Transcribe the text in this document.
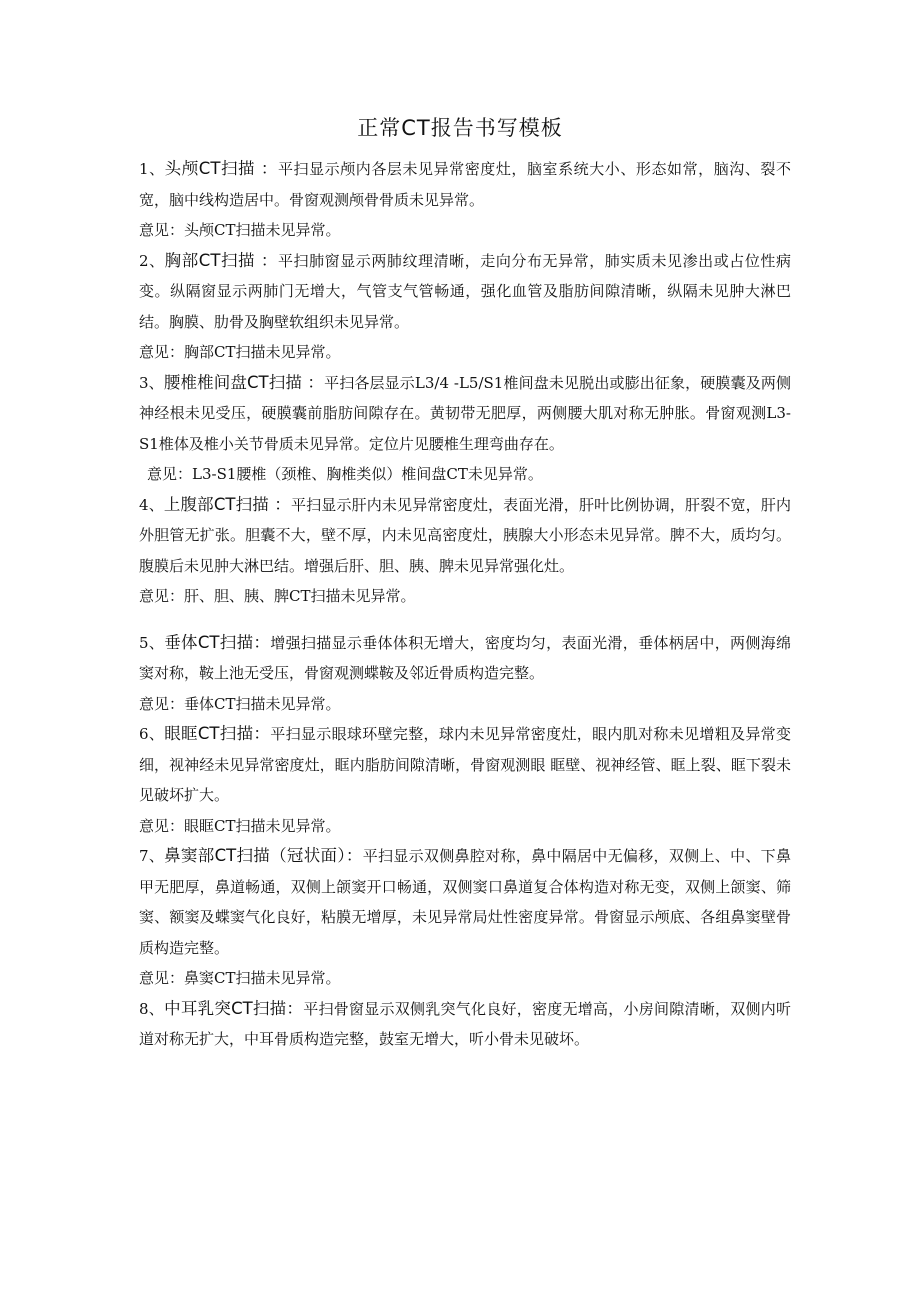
正常CT报告书写模板

1、头颅CT扫描 ：平扫显示颅内各层未见异常密度灶，脑室系统大小、形态如常，脑沟、裂不宽，脑中线构造居中。骨窗观测颅骨骨质未见异常。

意见：头颅CT扫描未见异常。

2、胸部CT扫描 ：平扫肺窗显示两肺纹理清晰，走向分布无异常，肺实质未见渗出或占位性病变。纵隔窗显示两肺门无增大，气管支气管畅通，强化血管及脂肪间隙清晰，纵隔未见肿大淋巴结。胸膜、肋骨及胸壁软组织未见异常。

意见：胸部CT扫描未见异常。

3、腰椎椎间盘CT扫描 ：平扫各层显示L3/4 -L5/S1椎间盘未见脱出或膨出征象，硬膜囊及两侧神经根未见受压，硬膜囊前脂肪间隙存在。黄韧带无肥厚，两侧腰大肌对称无肿胀。骨窗观测L3-S1椎体及椎小关节骨质未见异常。定位片见腰椎生理弯曲存在。

意见：L3-S1腰椎（颈椎、胸椎类似）椎间盘CT未见异常。

4、上腹部CT扫描 ：平扫显示肝内未见异常密度灶，表面光滑，肝叶比例协调，肝裂不宽，肝内外胆管无扩张。胆囊不大，壁不厚，内未见高密度灶，胰腺大小形态未见异常。脾不大，质均匀。腹膜后未见肿大淋巴结。增强后肝、胆、胰、脾未见异常强化灶。

意见：肝、胆、胰、脾CT扫描未见异常。

5、垂体CT扫描：增强扫描显示垂体体积无增大，密度均匀，表面光滑，垂体柄居中，两侧海绵窦对称，鞍上池无受压，骨窗观测蝶鞍及邻近骨质构造完整。

意见：垂体CT扫描未见异常。

6、眼眶CT扫描：平扫显示眼球环壁完整，球内未见异常密度灶，眼内肌对称未见增粗及异常变细，视神经未见异常密度灶，眶内脂肪间隙清晰，骨窗观测眼 眶壁、视神经管、眶上裂、眶下裂未见破坏扩大。

意见：眼眶CT扫描未见异常。

7、鼻窦部CT扫描（冠状面）：平扫显示双侧鼻腔对称，鼻中隔居中无偏移，双侧上、中、下鼻甲无肥厚，鼻道畅通，双侧上颌窦开口畅通，双侧窦口鼻道复合体构造对称无变，双侧上颌窦、筛窦、额窦及蝶窦气化良好，粘膜无增厚，未见异常局灶性密度异常。骨窗显示颅底、各组鼻窦壁骨质构造完整。

意见：鼻窦CT扫描未见异常。

8、中耳乳突CT扫描：平扫骨窗显示双侧乳突气化良好，密度无增高，小房间隙清晰，双侧内听道对称无扩大，中耳骨质构造完整，鼓室无增大，听小骨未见破坏。
